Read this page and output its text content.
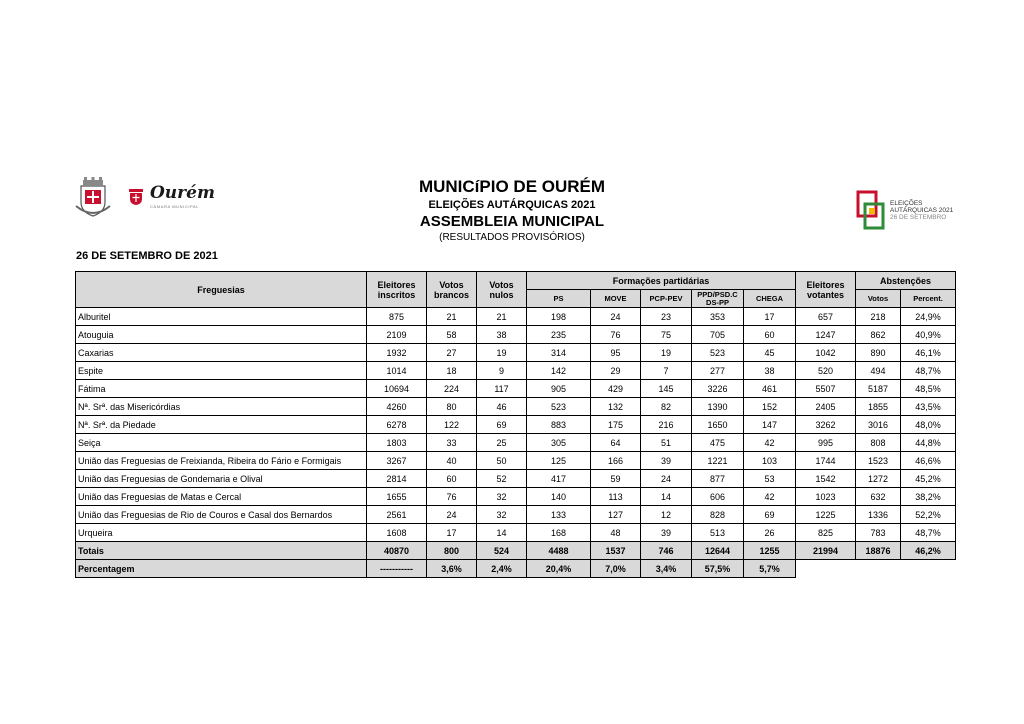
Ourém
CÂMARA MUNICIPAL
MUNICíPIO DE OURÉM
ELEIÇÕES AUTÁRQUICAS 2021
ASSEMBLEIA MUNICIPAL
(RESULTADOS PROVISÓRIOS)
ELEIÇÕES
AUTÁRQUICAS 2021
26 DE SETEMBRO
26 DE SETEMBRO DE 2021
Freguesias	Eleitores inscritos	Votos brancos	Votos nulos	Formações partidárias					Eleitores votantes	Abstenções	
				PS	MOVE	PCP-PEV	PPD/PSD.CDS-PP	CHEGA		Votos	Percent.
Alburitel	875	21	21	198	24	23	353	17	657	218	24,9%
Atouguia	2109	58	38	235	76	75	705	60	1247	862	40,9%
Caxarias	1932	27	19	314	95	19	523	45	1042	890	46,1%
Espite	1014	18	9	142	29	7	277	38	520	494	48,7%
Fátima	10694	224	117	905	429	145	3226	461	5507	5187	48,5%
Nª. Srª. das Misericórdias	4260	80	46	523	132	82	1390	152	2405	1855	43,5%
Nª. Srª. da Piedade	6278	122	69	883	175	216	1650	147	3262	3016	48,0%
Seiça	1803	33	25	305	64	51	475	42	995	808	44,8%
União das Freguesias de Freixianda, Ribeira do Fário e Formigais	3267	40	50	125	166	39	1221	103	1744	1523	46,6%
União das Freguesias de Gondemaria e Olival	2814	60	52	417	59	24	877	53	1542	1272	45,2%
União das Freguesias de Matas e Cercal	1655	76	32	140	113	14	606	42	1023	632	38,2%
União das Freguesias de Rio de Couros e Casal dos Bernardos	2561	24	32	133	127	12	828	69	1225	1336	52,2%
Urqueira	1608	17	14	168	48	39	513	26	825	783	48,7%
Totais	40870	800	524	4488	1537	746	12644	1255	21994	18876	46,2%
Percentagem	-----------	3,6%	2,4%	20,4%	7,0%	3,4%	57,5%	5,7%			
